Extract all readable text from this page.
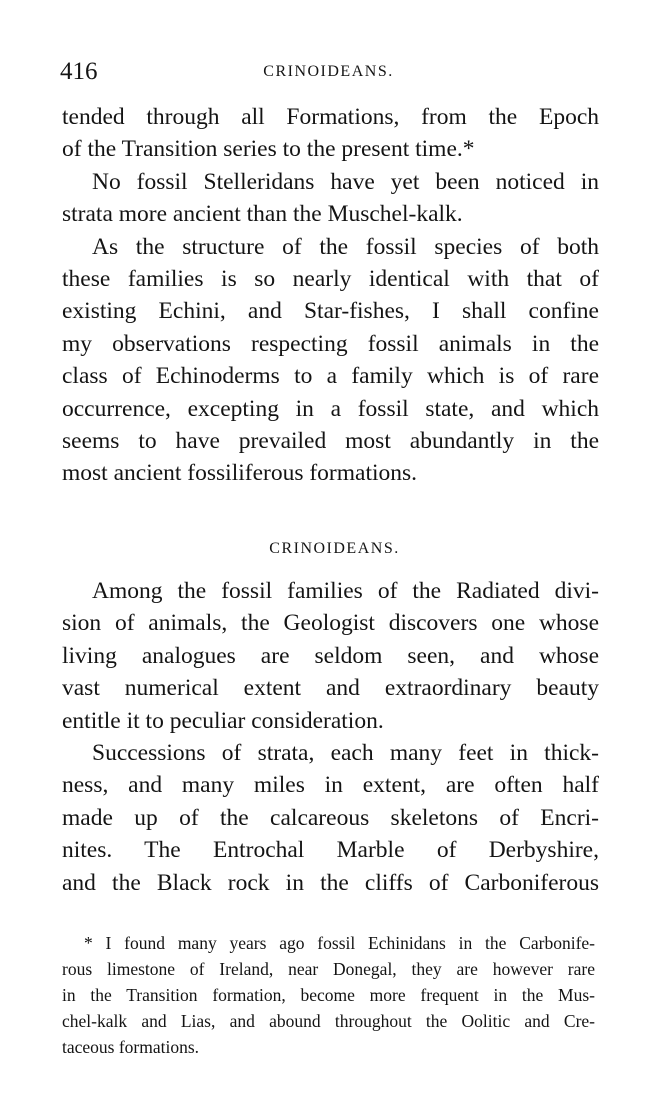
416	CRINOIDEANS.

tended through all Formations, from the Epoch
of the Transition series to the present time.*

No fossil Stelleridans have yet been noticed in
strata more ancient than the Muschel-kalk.

As the structure of the fossil species of both
these families is so nearly identical with that of
existing Echini, and Star-fishes, I shall confine
my observations respecting fossil animals in the
class of Echinoderms to a family which is of rare
occurrence, excepting in a fossil state, and which
seems to have prevailed most abundantly in the
most ancient fossiliferous formations.

CRINOIDEANS.

Among the fossil families of the Radiated divi-
sion of animals, the Geologist discovers one whose
living analogues are seldom seen, and whose
vast numerical extent and extraordinary beauty
entitle it to peculiar consideration.

Successions of strata, each many feet in thick-
ness, and many miles in extent, are often half
made up of the calcareous skeletons of Encri-
nites. The Entrochal Marble of Derbyshire,
and the Black rock in the cliffs of Carboniferous

* I found many years ago fossil Echinidans in the Carbonife-
rous limestone of Ireland, near Donegal, they are however rare
in the Transition formation, become more frequent in the Mus-
chel-kalk and Lias, and abound throughout the Oolitic and Cre-
taceous formations.
